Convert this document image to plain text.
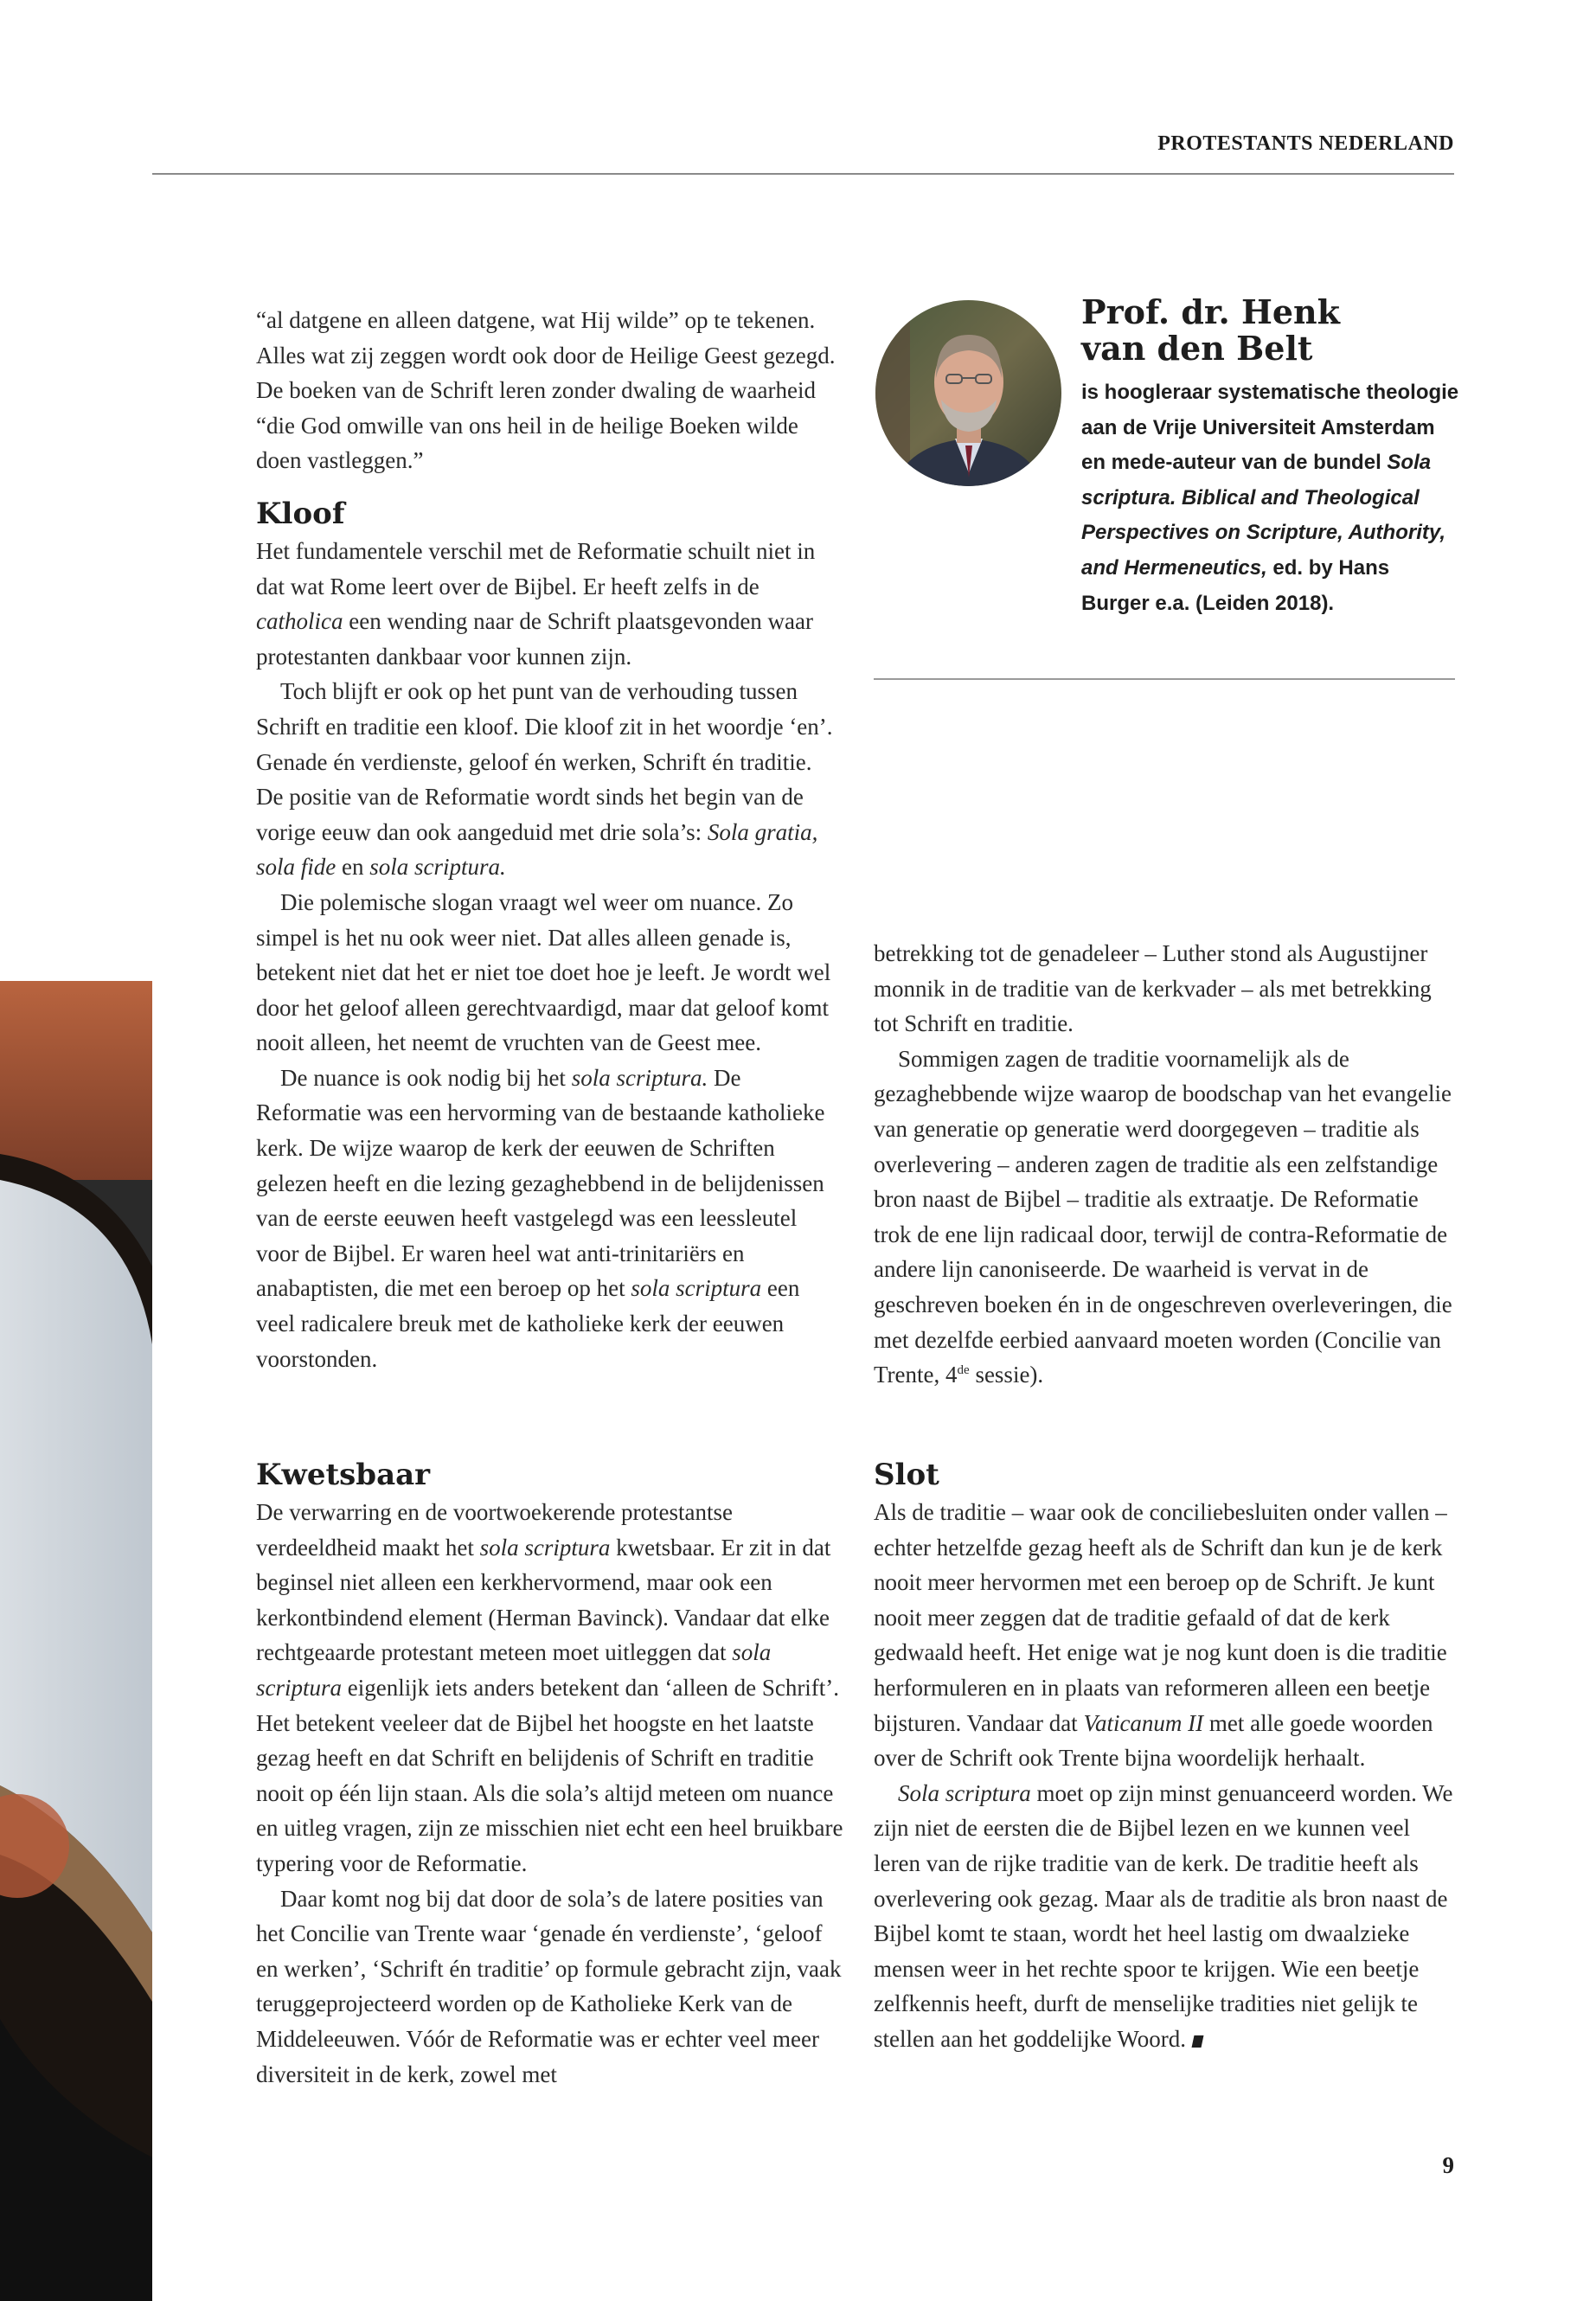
PROTESTANTS NEDERLAND

“al datgene en alleen datgene, wat Hij wilde” op te tekenen. Alles wat zij zeggen wordt ook door de Heilige Geest gezegd. De boeken van de Schrift leren zonder dwaling de waarheid “die God omwille van ons heil in de heilige Boeken wilde doen vastleggen.”

Kloof

Het fundamentele verschil met de Reformatie schuilt niet in dat wat Rome leert over de Bijbel. Er heeft zelfs in de catholica een wending naar de Schrift plaatsgevonden waar protestanten dankbaar voor kunnen zijn.

Toch blijft er ook op het punt van de verhouding tussen Schrift en traditie een kloof. Die kloof zit in het woordje ‘en’. Genade én verdienste, geloof én werken, Schrift én traditie. De positie van de Reformatie wordt sinds het begin van de vorige eeuw dan ook aangeduid met drie sola’s: Sola gratia, sola fide en sola scriptura.

Die polemische slogan vraagt wel weer om nuance. Zo simpel is het nu ook weer niet. Dat alles alleen genade is, betekent niet dat het er niet toe doet hoe je leeft. Je wordt wel door het geloof alleen gerechtvaardigd, maar dat geloof komt nooit alleen, het neemt de vruchten van de Geest mee.

De nuance is ook nodig bij het sola scriptura. De Reformatie was een hervorming van de bestaande katholieke kerk. De wijze waarop de kerk der eeuwen de Schriften gelezen heeft en die lezing gezaghebbend in de belijdenissen van de eerste eeuwen heeft vastgelegd was een leessleutel voor de Bijbel. Er waren heel wat anti-trinitariërs en anabaptisten, die met een beroep op het sola scriptura een veel radicalere breuk met de katholieke kerk der eeuwen voorstonden.

Kwetsbaar

De verwarring en de voortwoekerende protestantse verdeeldheid maakt het sola scriptura kwetsbaar. Er zit in dat beginsel niet alleen een kerkhervormend, maar ook een kerkontbindend element (Herman Bavinck). Vandaar dat elke rechtgeaarde protestant meteen moet uitleggen dat sola scriptura eigenlijk iets anders betekent dan ‘alleen de Schrift’. Het betekent veeleer dat de Bijbel het hoogste en het laatste gezag heeft en dat Schrift en belijdenis of Schrift en traditie nooit op één lijn staan. Als die sola’s altijd meteen om nuance en uitleg vragen, zijn ze misschien niet echt een heel bruikbare typering voor de Reformatie.

Daar komt nog bij dat door de sola’s de latere posities van het Concilie van Trente waar ‘genade én verdienste’, ‘geloof en werken’, ‘Schrift én traditie’ op formule gebracht zijn, vaak teruggeprojecteerd worden op de Katholieke Kerk van de Middeleeuwen. Vóór de Reformatie was er echter veel meer diversiteit in de kerk, zowel met

Prof. dr. Henk
van den Belt
is hoogleraar systematische theologie aan de Vrije Universiteit Amsterdam en mede-auteur van de bundel Sola scriptura. Biblical and Theological Perspectives on Scripture, Authority, and Hermeneutics, ed. by Hans Burger e.a. (Leiden 2018).

betrekking tot de genadeleer – Luther stond als Augustijner monnik in de traditie van de kerkvader – als met betrekking tot Schrift en traditie.

Sommigen zagen de traditie voornamelijk als de gezaghebbende wijze waarop de boodschap van het evangelie van generatie op generatie werd doorgegeven – traditie als overlevering – anderen zagen de traditie als een zelfstandige bron naast de Bijbel – traditie als extraatje. De Reformatie trok de ene lijn radicaal door, terwijl de contra-Reformatie de andere lijn canoniseerde. De waarheid is vervat in de geschreven boeken én in de ongeschreven overleveringen, die met dezelfde eerbied aanvaard moeten worden (Concilie van Trente, 4de sessie).

Slot

Als de traditie – waar ook de conciliebesluiten onder vallen – echter hetzelfde gezag heeft als de Schrift dan kun je de kerk nooit meer hervormen met een beroep op de Schrift. Je kunt nooit meer zeggen dat de traditie gefaald of dat de kerk gedwaald heeft. Het enige wat je nog kunt doen is die traditie herformuleren en in plaats van reformeren alleen een beetje bijsturen. Vandaar dat Vaticanum II met alle goede woorden over de Schrift ook Trente bijna woordelijk herhaalt.

Sola scriptura moet op zijn minst genuanceerd worden. We zijn niet de eersten die de Bijbel lezen en we kunnen veel leren van de rijke traditie van de kerk. De traditie heeft als overlevering ook gezag. Maar als de traditie als bron naast de Bijbel komt te staan, wordt het heel lastig om dwaalzieke mensen weer in het rechte spoor te krijgen. Wie een beetje zelfkennis heeft, durft de menselijke tradities niet gelijk te stellen aan het goddelijke Woord.

9
